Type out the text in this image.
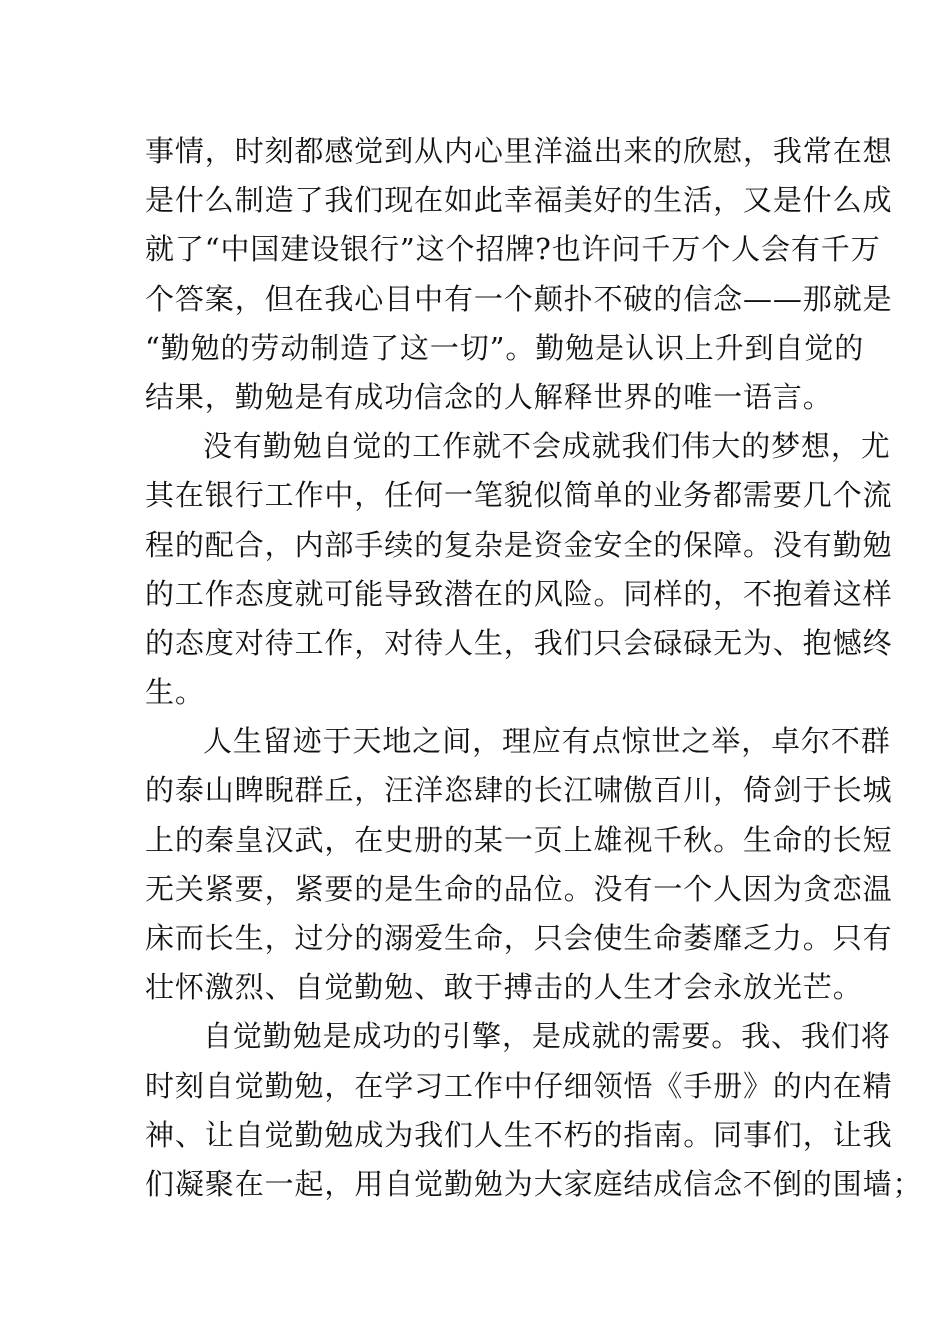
事情，时刻都感觉到从内心里洋溢出来的欣慰，我常在想
是什么制造了我们现在如此幸福美好的生活，又是什么成
就了“中国建设银行”这个招牌?也许问千万个人会有千万
个答案，但在我心目中有一个颠扑不破的信念——那就是
“勤勉的劳动制造了这一切”。勤勉是认识上升到自觉的
结果，勤勉是有成功信念的人解释世界的唯一语言。
没有勤勉自觉的工作就不会成就我们伟大的梦想，尤
其在银行工作中，任何一笔貌似简单的业务都需要几个流
程的配合，内部手续的复杂是资金安全的保障。没有勤勉
的工作态度就可能导致潜在的风险。同样的，不抱着这样
的态度对待工作，对待人生，我们只会碌碌无为、抱憾终
生。
人生留迹于天地之间，理应有点惊世之举，卓尔不群
的泰山睥睨群丘，汪洋恣肆的长江啸傲百川，倚剑于长城
上的秦皇汉武，在史册的某一页上雄视千秋。生命的长短
无关紧要，紧要的是生命的品位。没有一个人因为贪恋温
床而长生，过分的溺爱生命，只会使生命萎靡乏力。只有
壮怀激烈、自觉勤勉、敢于搏击的人生才会永放光芒。
自觉勤勉是成功的引擎，是成就的需要。我、我们将
时刻自觉勤勉，在学习工作中仔细领悟《手册》的内在精
神、让自觉勤勉成为我们人生不朽的指南。同事们，让我
们凝聚在一起，用自觉勤勉为大家庭结成信念不倒的围墙；
